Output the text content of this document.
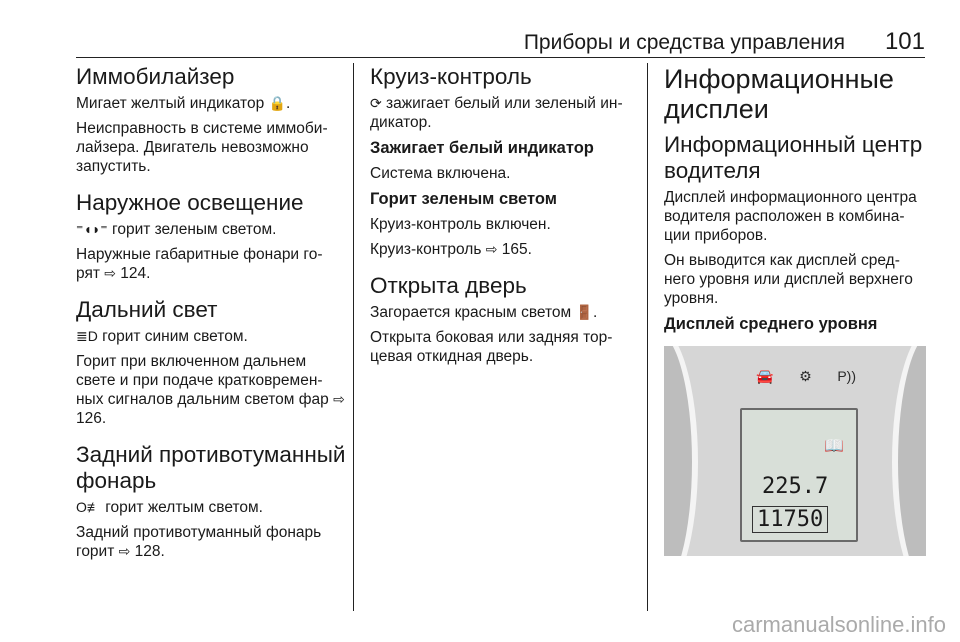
Приборы и средства управления 101
Иммобилайзер

Мигает желтый индикатор 🔒.

Неисправность в системе иммоби-лайзера. Двигатель невозможно запустить.

Наружное освещение

⁼◖◗⁼ горит зеленым светом.

Наружные габаритные фонари го-рят ⇨ 124.

Дальний свет

≣D горит синим светом.

Горит при включенном дальнем свете и при подаче кратковремен-ных сигналов дальним светом фар ⇨ 126.

Задний противотуманный фонарь

O≢ горит желтым светом.

Задний противотуманный фонарь горит ⇨ 128.

Круиз-контроль

⟳ зажигает белый или зеленый ин-дикатор.

Зажигает белый индикатор

Система включена.

Горит зеленым светом

Круиз-контроль включен.

Круиз-контроль ⇨ 165.

Открыта дверь

Загорается красным светом 🚪.

Открыта боковая или задняя тор-цевая откидная дверь.

Информационные дисплеи
Информационный центр водителя

Дисплей информационного центра водителя расположен в комбина-ции приборов.

Он выводится как дисплей сред-него уровня или дисплей верхнего уровня.

Дисплей среднего уровня
🚘 ⚙ P))
📖
225.7
11750
carmanualsonline.info
